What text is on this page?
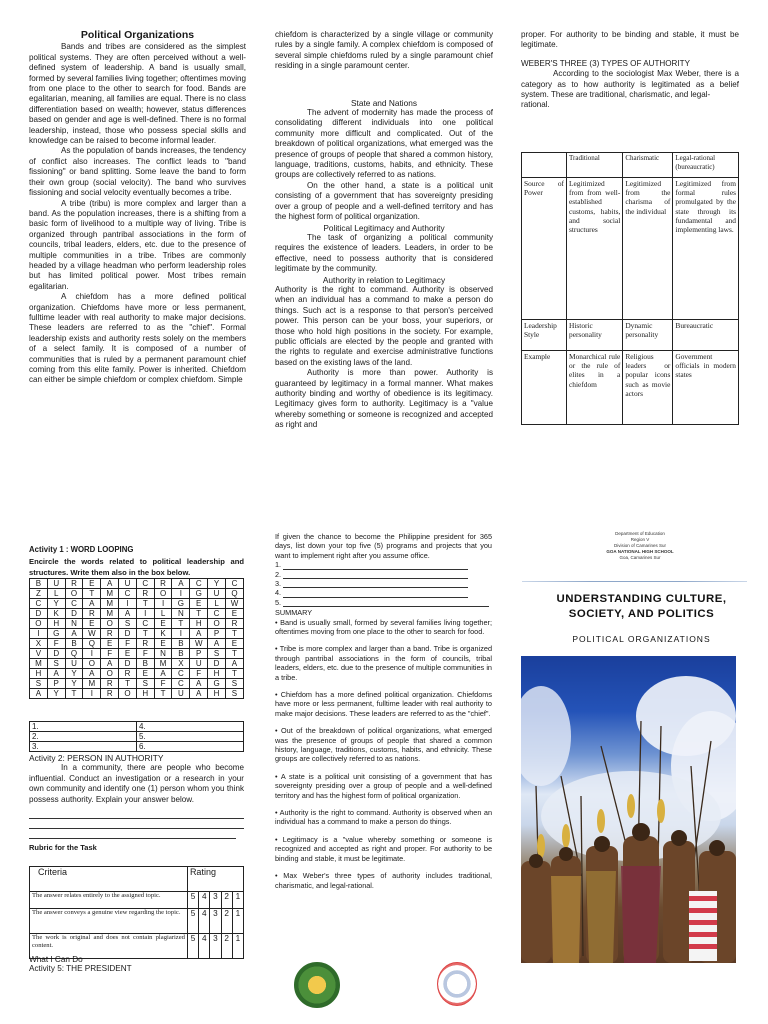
Political Organizations

Bands and tribes are considered as the simplest political systems. They are often perceived without a well-defined system of leadership. A band is usually small, formed by several families living together; oftentimes moving from one place to the other to search for food. Bands are egalitarian, meaning, all families are equal. There is no class differentiation based on wealth; however, status differences based on gender and age is well-defined. There is no formal leadership, instead, those who possess special skills and knowledge can be raised to become informal leader.

As the population of bands increases, the tendency of conflict also increases. The conflict leads to "band fissioning" or band splitting. Some leave the band to form their own group (social velocity). The band who survives fissioning and social velocity eventually becomes a tribe.

A tribe (tribu) is more complex and larger than a band. As the population increases, there is a shifting from a basic form of livelihood to a multiple way of living. Tribe is organized through pantribal associations in the form of councils, tribal leaders, elders, etc. due to the presence of multiple communities in a tribe. Tribes are commonly headed by a village headman who perform leadership roles but has limited political power. Most tribes remain egalitarian.

A chiefdom has a more defined political organization. Chiefdoms have more or less permanent, fulltime leader with real authority to make major decisions. These leaders are referred to as the "chief". Formal leadership exists and authority rests solely on the members of a select family. It is composed of a number of communities that is ruled by a permanent paramount chief coming from this elite family. Power is inherited. Chiefdom can either be simple chiefdom or complex chiefdom. Simple

chiefdom is characterized by a single village or community rules by a single family. A complex chiefdom is composed of several simple chiefdoms ruled by a single paramount chief residing in a single paramount center.

State and Nations

The advent of modernity has made the process of consolidating different individuals into one political community more difficult and complicated. Out of the breakdown of political organizations, what emerged was the presence of groups of people that shared a common history, language, traditions, customs, habits, and ethnicity. These groups are collectively referred to as nations.

On the other hand, a state is a political unit consisting of a government that has sovereignty presiding over a group of people and a well-defined territory and has the highest form of political organization.

Political Legitimacy and Authority

The task of organizing a political community requires the existence of leaders. Leaders, in order to be effective, need to possess authority that is considered legitimate by the community.

Authority in relation to Legitimacy

Authority is the right to command. Authority is observed when an individual has a command to make a person do things. Such act is a response to that person's perceived power. This person can be your boss, your superiors, or those who hold high positions in the society. For example, public officials are elected by the people and granted with the rights to regulate and exercise administrative functions based on the existing laws of the land.

Authority is more than power. Authority is guaranteed by legitimacy in a formal manner. What makes authority binding and worthy of obedience is its legitimacy. Legitimacy gives form to authority. Legitimacy is a "value whereby something or someone is recognized and accepted as right and

proper. For authority to be binding and stable, it must be legitimate.

WEBER'S THREE (3) TYPES OF AUTHORITY

According to the sociologist Max Weber, there is a category as to how authority is legitimated as a belief system. These are traditional, charismatic, and legal-

rational.

	Traditional	Charismatic	Legal-rational (bureaucratic)
Source of Power	Legitimized from from well-established customs, habits, and social structures	Legitimized from the charisma of the individual	Legitimized from formal rules promulgated by the state through its fundamental and implementing laws.
Leadership Style	Historic personality	Dynamic personality	Bureaucratic
Example	Monarchical rule or the rule of elites in a chiefdom	Religious leaders or popular icons such as movie actors	Government officials in modern states

Activity 1 : WORD LOOPING

Encircle the words related to political leadership and structures. Write them also in the box below.

B	U	R	E	A	U	C	R	A	C	Y	C
Z	L	O	T	M	C	R	O	I	G	U	Q
C	Y	C	A	M	I	T	I	G	E	L	W
D	K	D	R	M	A	I	L	N	T	C	E
O	H	N	E	O	S	C	E	T	H	O	R
I	G	A	W	R	D	T	K	I	A	P	T
X	F	B	Q	E	F	R	E	B	W	A	E
V	D	Q	I	F	E	F	N	B	P	S	T
M	S	U	O	A	D	B	M	X	U	D	A
H	A	Y	A	O	R	E	A	C	F	H	T
S	P	Y	M	R	T	S	F	C	A	G	S
A	Y	T	I	R	O	H	T	U	A	H	S
1.	4.
2.	5.
3.	6.

Activity 2: PERSON IN AUTHORITY

In a community, there are people who become influential. Conduct an investigation or a research in your own community and identify one (1) person whom you think possess authority. Explain your answer below.

Rubric for the Task

Criteria	Rating				
The answer relates entirely to the assigned topic.	5	4	3	2	1
The answer conveys a genuine view regarding the topic.	5	4	3	2	1
The work is original and does not contain plagiarized content.	5	4	3	2	1

What I Can Do

Activity 5: THE PRESIDENT

If given the chance to become the Philippine president for 365 days, list down your top five (5) programs and projects that you want to implement right after you assume office.

1.
2.
3.
4.
5.

SUMMARY

• Band is usually small, formed by several families living together; oftentimes moving from one place to the other to search for food.

• Tribe is more complex and larger than a band. Tribe is organized through pantribal associations in the form of councils, tribal leaders, elders, etc. due to the presence of multiple communities in a tribe.

• Chiefdom has a more defined political organization. Chiefdoms have more or less permanent, fulltime leader with real authority to make major decisions. These leaders are referred to as the "chief".

• Out of the breakdown of political organizations, what emerged was the presence of groups of people that shared a common history, language, traditions, customs, habits, and ethnicity. These groups are collectively referred to as nations.

• A state is a political unit consisting of a government that has sovereignty presiding over a group of people and a well-defined territory and has the highest form of political organization.

• Authority is the right to command. Authority is observed when an individual has a command to make a person do things.

• Legitimacy is a "value whereby something or someone is recognized and accepted as right and proper. For authority to be binding and stable, it must be legitimate.

• Max Weber's three types of authority includes traditional, charismatic, and legal-rational.

Department of Education
Region V
Division of Camarines Sur
GOA NATIONAL HIGH SCHOOL
Goa, Camarines Sur
UNDERSTANDING CULTURE,
SOCIETY, AND POLITICS
POLITICAL ORGANIZATIONS
